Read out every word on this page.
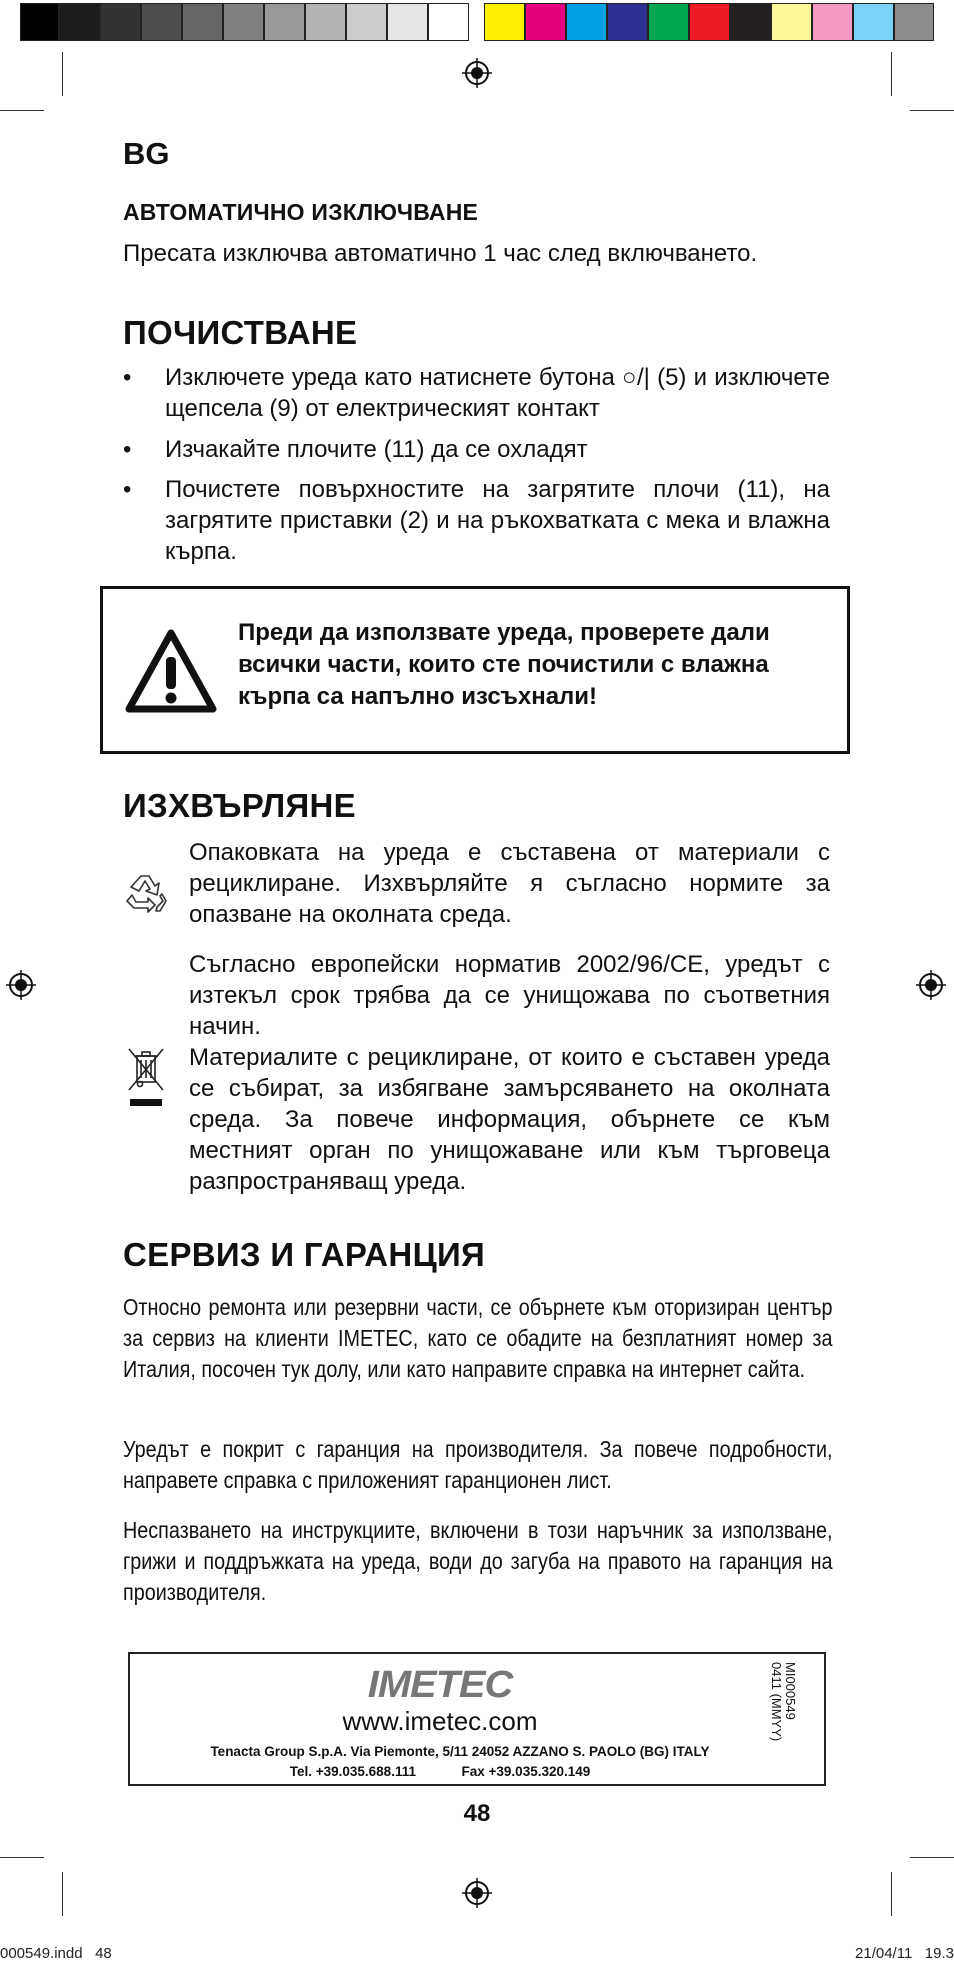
BG
АВТОМАТИЧНО ИЗКЛЮЧВАНЕ
Пресата изключва автоматично 1 час след включването.
ПОЧИСТВАНЕ
• Изключете уреда като натиснете бутона ○/| (5) и изключете щепсела (9) от електрическият контакт
• Изчакайте плочите (11) да се охладят
• Почистете повърхностите на загрятите плочи (11), на загрятите приставки (2) и на ръкохватката с мека и влажна кърпа.
Преди да използвате уреда, проверете дали всички части, които сте почистили с влажна кърпа са напълно изсъхнали!
ИЗХВЪРЛЯНЕ
Опаковката на уреда е съставена от материали с рециклиране. Изхвърляйте я съгласно нормите за опазване на околната среда.
Съгласно европейски норматив 2002/96/CE, уредът с изтекъл срок трябва да се унищожава по съответния начин.
Материалите с рециклиране, от които е съставен уреда се събират, за избягване замърсяването на околната среда. За повече информация, обърнете се към местният орган по унищожаване или към търговеца разпространяващ уреда.
СЕРВИЗ И ГАРАНЦИЯ
Относно ремонта или резервни части, се обърнете към оторизиран център за сервиз на клиенти IMETEC, като се обадите на безплатният номер за Италия, посочен тук долу, или като направите справка на интернет сайта.
Уредът е покрит с гаранция на производителя. За повече подробности, направете справка с приложеният гаранционен лист.
Неспазването на инструкциите, включени в този наръчник за използване, грижи и поддръжката на уреда, води до загуба на правото на гаранция на производителя.
IMETEC
www.imetec.com
Tenacta Group S.p.A. Via Piemonte, 5/11 24052 AZZANO S. PAOLO (BG) ITALY
Tel. +39.035.688.111	Fax +39.035.320.149
MI000549
0411 (MMYY)
48
000549.indd   48	21/04/11   19.3
